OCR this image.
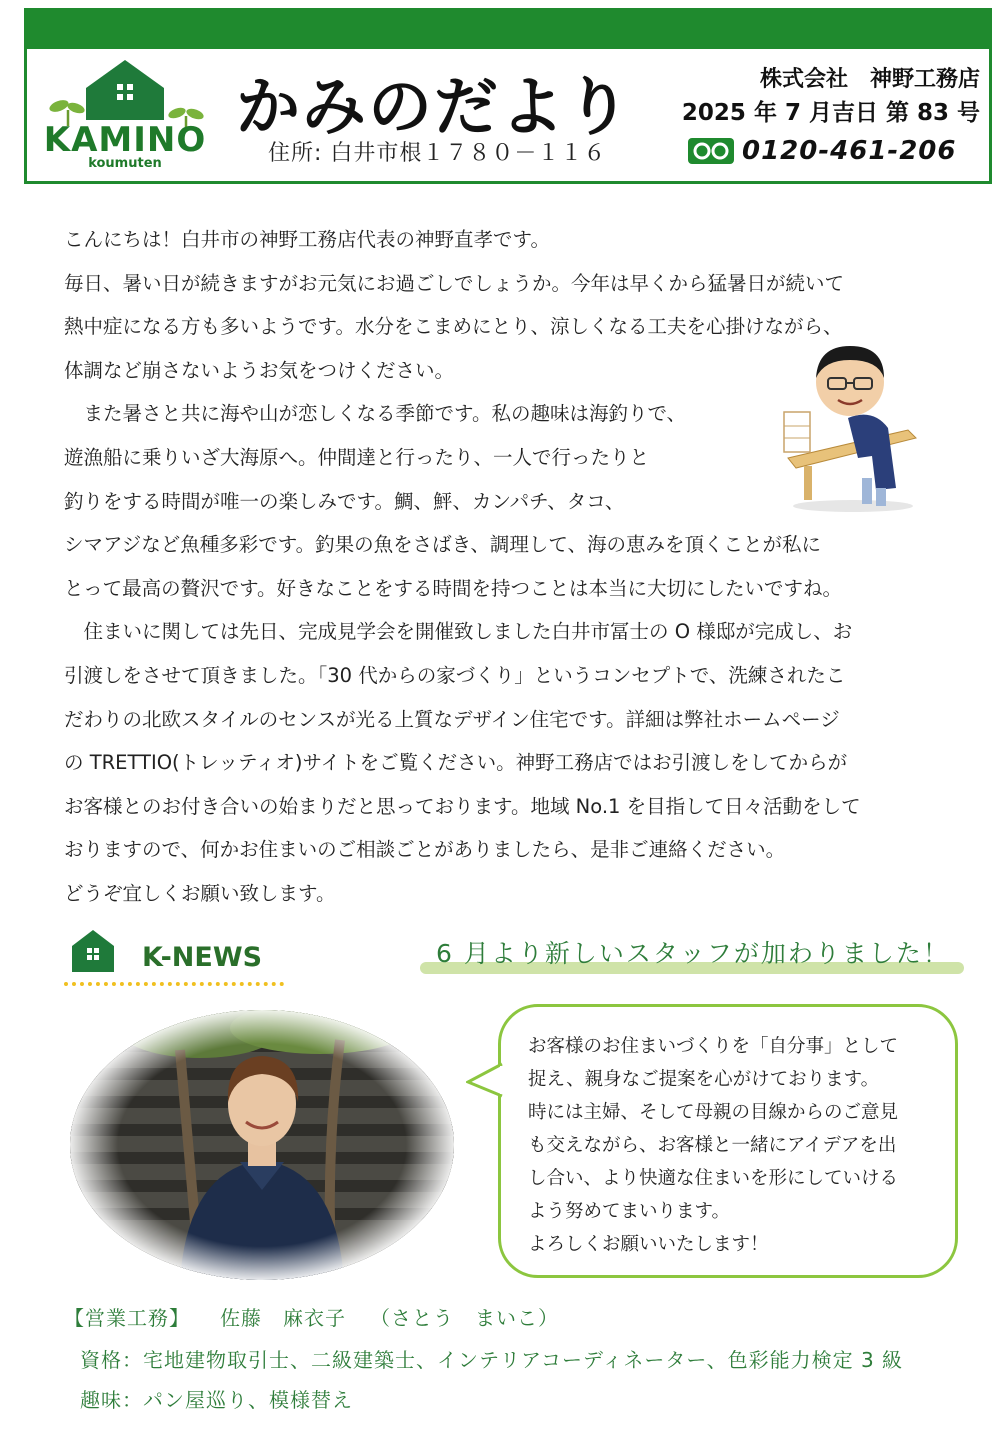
KAMINO
koumuten
かみのだより
住所: 白井市根１７８０－１１６
株式会社　神野工務店
2025 年 7 月吉日 第 83 号
0120-461-206

こんにちは！白井市の神野工務店代表の神野直孝です。

毎日、暑い日が続きますがお元気にお過ごしでしょうか。今年は早くから猛暑日が続いて

熱中症になる方も多いようです。水分をこまめにとり、涼しくなる工夫を心掛けながら、

体調など崩さないようお気をつけください。

　また暑さと共に海や山が恋しくなる季節です。私の趣味は海釣りで、

遊漁船に乗りいざ大海原へ。仲間達と行ったり、一人で行ったりと

釣りをする時間が唯一の楽しみです。鯛、鮃、カンパチ、タコ、

シマアジなど魚種多彩です。釣果の魚をさばき、調理して、海の恵みを頂くことが私に

とって最高の贅沢です。好きなことをする時間を持つことは本当に大切にしたいですね。

　住まいに関しては先日、完成見学会を開催致しました白井市冨士の O 様邸が完成し、お

引渡しをさせて頂きました。「30 代からの家づくり」というコンセプトで、洗練されたこ

だわりの北欧スタイルのセンスが光る上質なデザイン住宅です。詳細は弊社ホームページ

の TRETTIO(トレッティオ)サイトをご覧ください。神野工務店ではお引渡しをしてからが

お客様とのお付き合いの始まりだと思っております。地域 No.1 を目指して日々活動をして

おりますので、何かお住まいのご相談ごとがありましたら、是非ご連絡ください。

どうぞ宜しくお願い致します。

K-NEWS	6 月より新しいスタッフが加わりました！

お客様のお住まいづくりを「自分事」として

捉え、親身なご提案を心がけております。

時には主婦、そして母親の目線からのご意見

も交えながら、お客様と一緒にアイデアを出

し合い、より快適な住まいを形にしていける

よう努めてまいります。

よろしくお願いいたします！

【営業工務】 佐藤　麻衣子 （さとう　まいこ）
資格：宅地建物取引士、二級建築士、インテリアコーディネーター、色彩能力検定 3 級
趣味：パン屋巡り、模様替え
